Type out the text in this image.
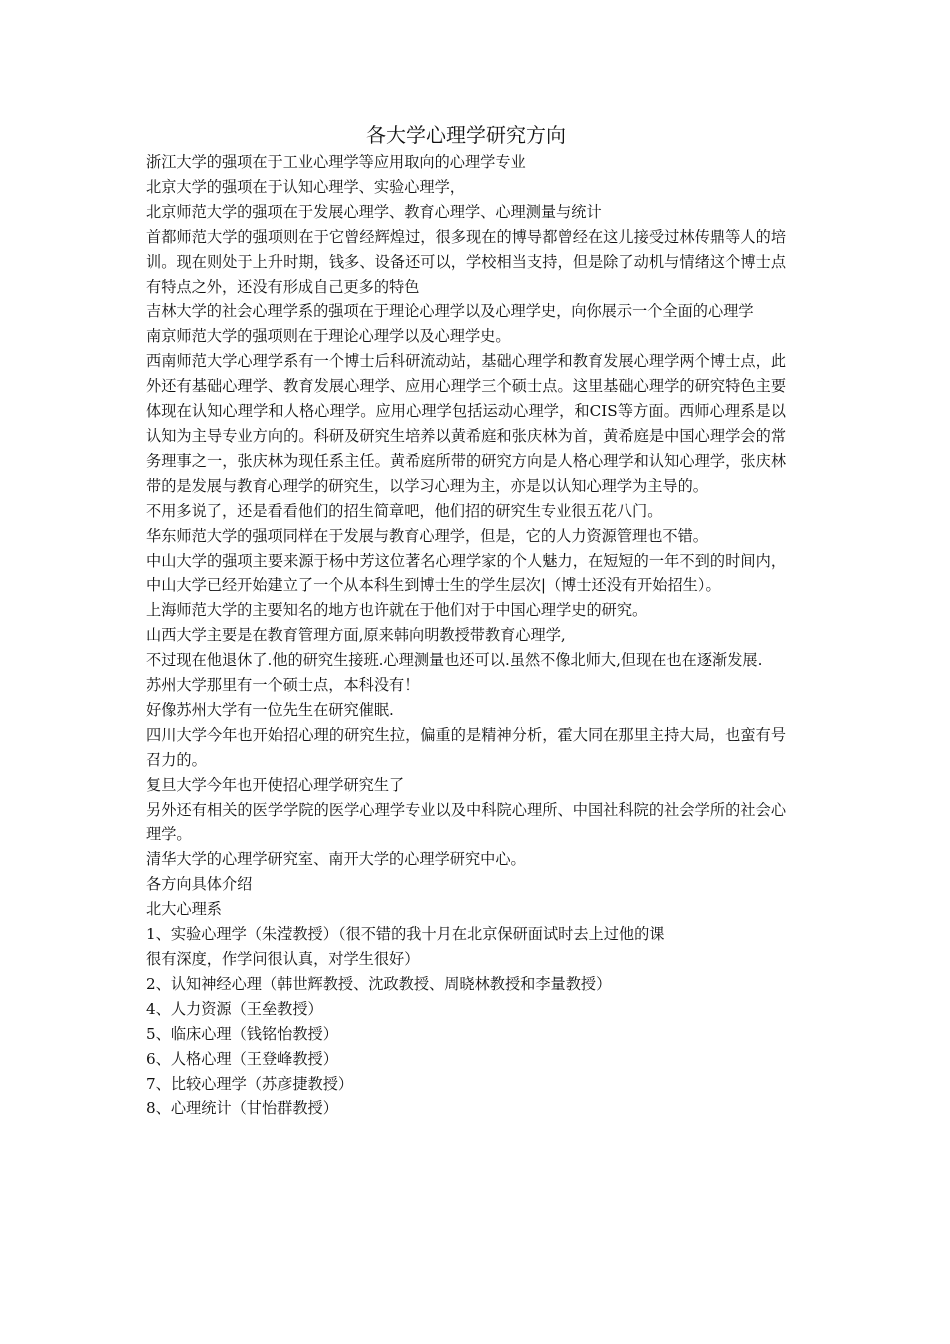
各大学心理学研究方向

浙江大学的强项在于工业心理学等应用取向的心理学专业

北京大学的强项在于认知心理学、实验心理学，

北京师范大学的强项在于发展心理学、教育心理学、心理测量与统计

首都师范大学的强项则在于它曾经辉煌过，很多现在的博导都曾经在这儿接受过林传鼎等人的培训。现在则处于上升时期，钱多、设备还可以，学校相当支持，但是除了动机与情绪这个博士点有特点之外，还没有形成自己更多的特色

吉林大学的社会心理学系的强项在于理论心理学以及心理学史，向你展示一个全面的心理学

南京师范大学的强项则在于理论心理学以及心理学史。

西南师范大学心理学系有一个博士后科研流动站，基础心理学和教育发展心理学两个博士点，此外还有基础心理学、教育发展心理学、应用心理学三个硕士点。这里基础心理学的研究特色主要体现在认知心理学和人格心理学。应用心理学包括运动心理学，和CIS等方面。西师心理系是以认知为主导专业方向的。科研及研究生培养以黄希庭和张庆林为首，黄希庭是中国心理学会的常务理事之一，张庆林为现任系主任。黄希庭所带的研究方向是人格心理学和认知心理学，张庆林带的是发展与教育心理学的研究生，以学习心理为主，亦是以认知心理学为主导的。

不用多说了，还是看看他们的招生简章吧，他们招的研究生专业很五花八门。

华东师范大学的强项同样在于发展与教育心理学，但是，它的人力资源管理也不错。

中山大学的强项主要来源于杨中芳这位著名心理学家的个人魅力，在短短的一年不到的时间内，中山大学已经开始建立了一个从本科生到博士生的学生层次|（博士还没有开始招生）。

上海师范大学的主要知名的地方也许就在于他们对于中国心理学史的研究。

山西大学主要是在教育管理方面,原来韩向明教授带教育心理学,

不过现在他退休了.他的研究生接班.心理测量也还可以.虽然不像北师大,但现在也在逐渐发展.

苏州大学那里有一个硕士点，本科没有！

好像苏州大学有一位先生在研究催眠.

四川大学今年也开始招心理的研究生拉，偏重的是精神分析，霍大同在那里主持大局，也蛮有号召力的。

复旦大学今年也开使招心理学研究生了

另外还有相关的医学学院的医学心理学专业以及中科院心理所、中国社科院的社会学所的社会心理学。

清华大学的心理学研究室、南开大学的心理学研究中心。

各方向具体介绍

北大心理系

1、实验心理学（朱滢教授）（很不错的我十月在北京保研面试时去上过他的课

很有深度，作学问很认真，对学生很好）

2、认知神经心理（韩世辉教授、沈政教授、周晓林教授和李量教授）

4、人力资源（王垒教授）

5、临床心理（钱铭怡教授）

6、人格心理（王登峰教授）

7、比较心理学（苏彦捷教授）

8、心理统计（甘怡群教授）
